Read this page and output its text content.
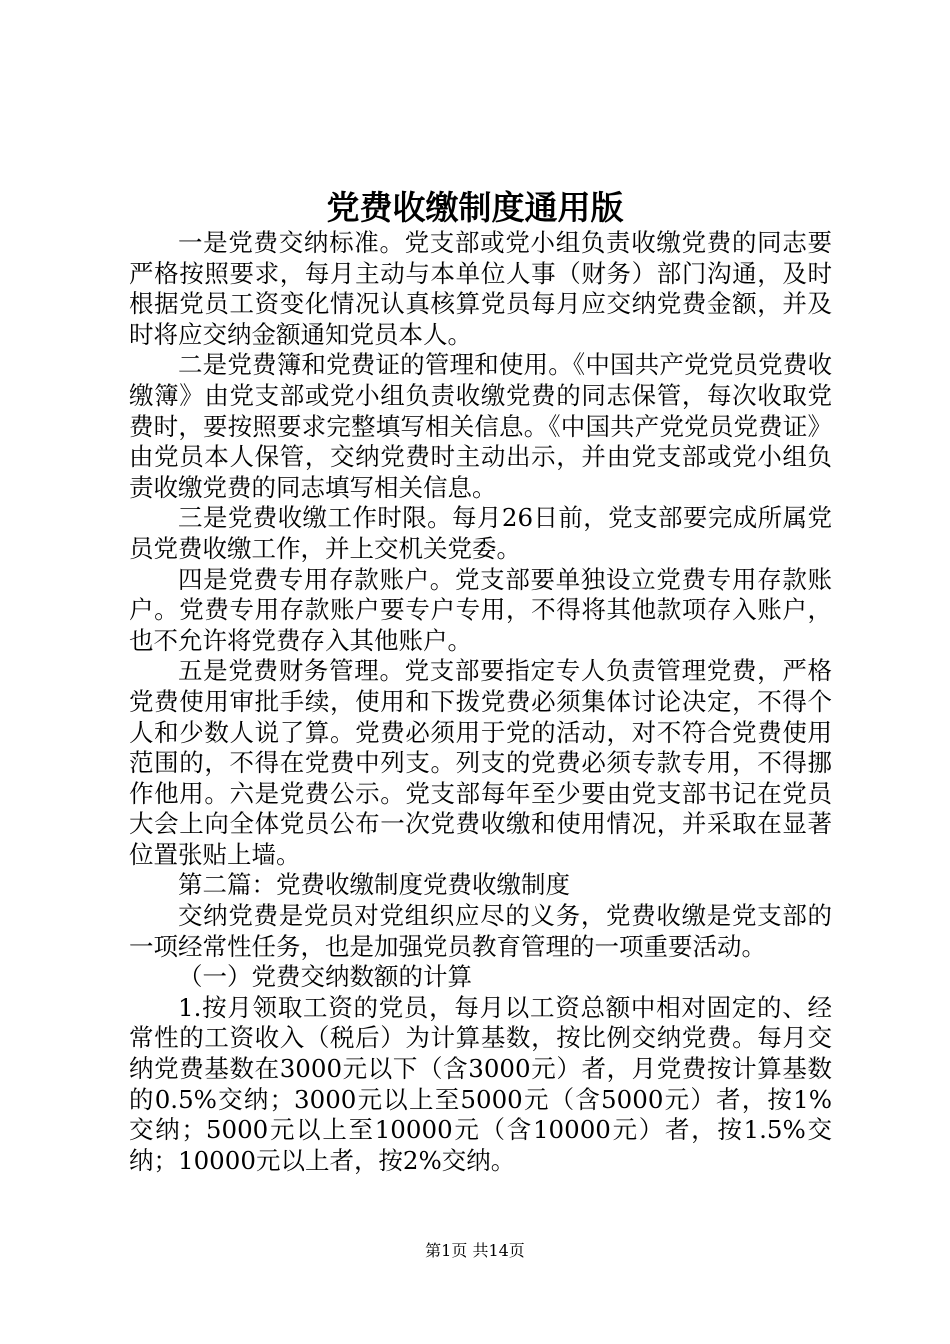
党费收缴制度通用版

一是党费交纳标准。党支部或党小组负责收缴党费的同志要严格按照要求，每月主动与本单位人事（财务）部门沟通，及时根据党员工资变化情况认真核算党员每月应交纳党费金额，并及时将应交纳金额通知党员本人。

二是党费簿和党费证的管理和使用。《中国共产党党员党费收缴簿》由党支部或党小组负责收缴党费的同志保管，每次收取党费时，要按照要求完整填写相关信息。《中国共产党党员党费证》由党员本人保管，交纳党费时主动出示，并由党支部或党小组负责收缴党费的同志填写相关信息。

三是党费收缴工作时限。每月26日前，党支部要完成所属党员党费收缴工作，并上交机关党委。

四是党费专用存款账户。党支部要单独设立党费专用存款账户。党费专用存款账户要专户专用，不得将其他款项存入账户，也不允许将党费存入其他账户。

五是党费财务管理。党支部要指定专人负责管理党费，严格党费使用审批手续，使用和下拨党费必须集体讨论决定，不得个人和少数人说了算。党费必须用于党的活动，对不符合党费使用范围的，不得在党费中列支。列支的党费必须专款专用，不得挪作他用。六是党费公示。党支部每年至少要由党支部书记在党员大会上向全体党员公布一次党费收缴和使用情况，并采取在显著位置张贴上墙。

第二篇：党费收缴制度党费收缴制度

交纳党费是党员对党组织应尽的义务，党费收缴是党支部的一项经常性任务，也是加强党员教育管理的一项重要活动。

（一）党费交纳数额的计算

1.按月领取工资的党员，每月以工资总额中相对固定的、经常性的工资收入（税后）为计算基数，按比例交纳党费。每月交纳党费基数在3000元以下（含3000元）者，月党费按计算基数的0.5%交纳；3000元以上至5000元（含5000元）者，按1%交纳；5000元以上至10000元（含10000元）者，按1.5%交纳；10000元以上者，按2%交纳。

第1页 共14页
